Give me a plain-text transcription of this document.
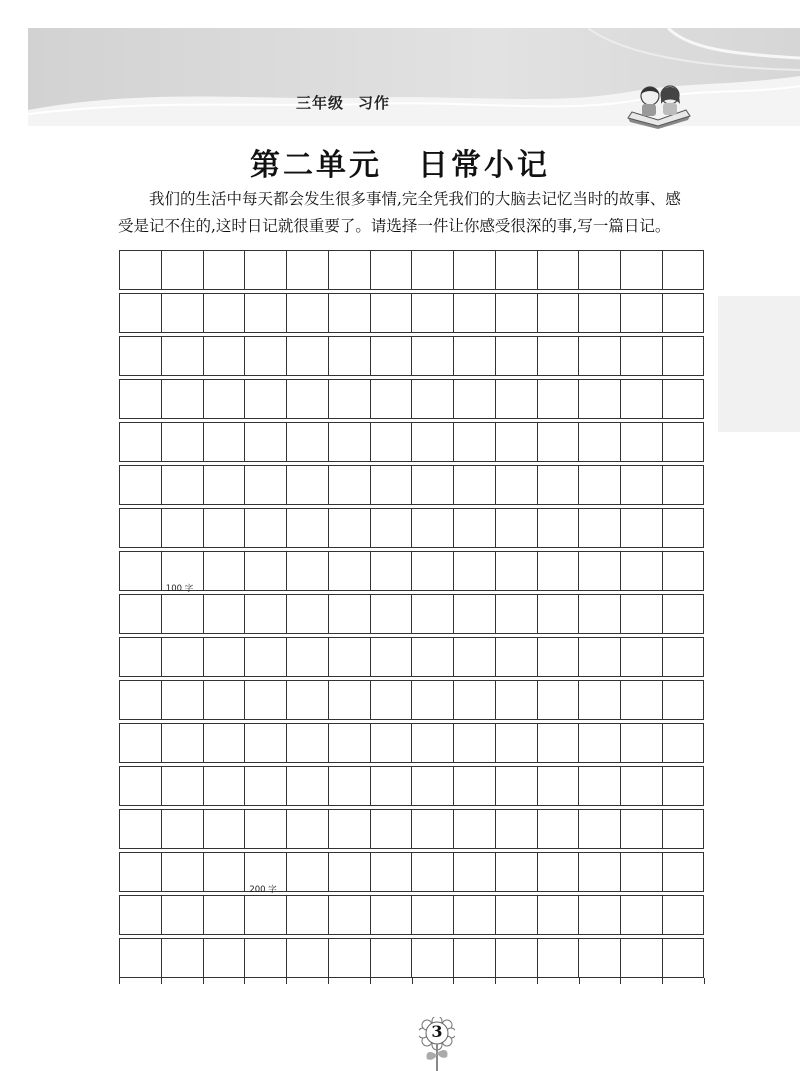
三年级 习作
第二单元 日常小记

我们的生活中每天都会发生很多事情,完全凭我们的大脑去记忆当时的故事、感

受是记不住的,这时日记就很重要了。请选择一件让你感受很深的事,写一篇日记。

100 字
200 字
3
